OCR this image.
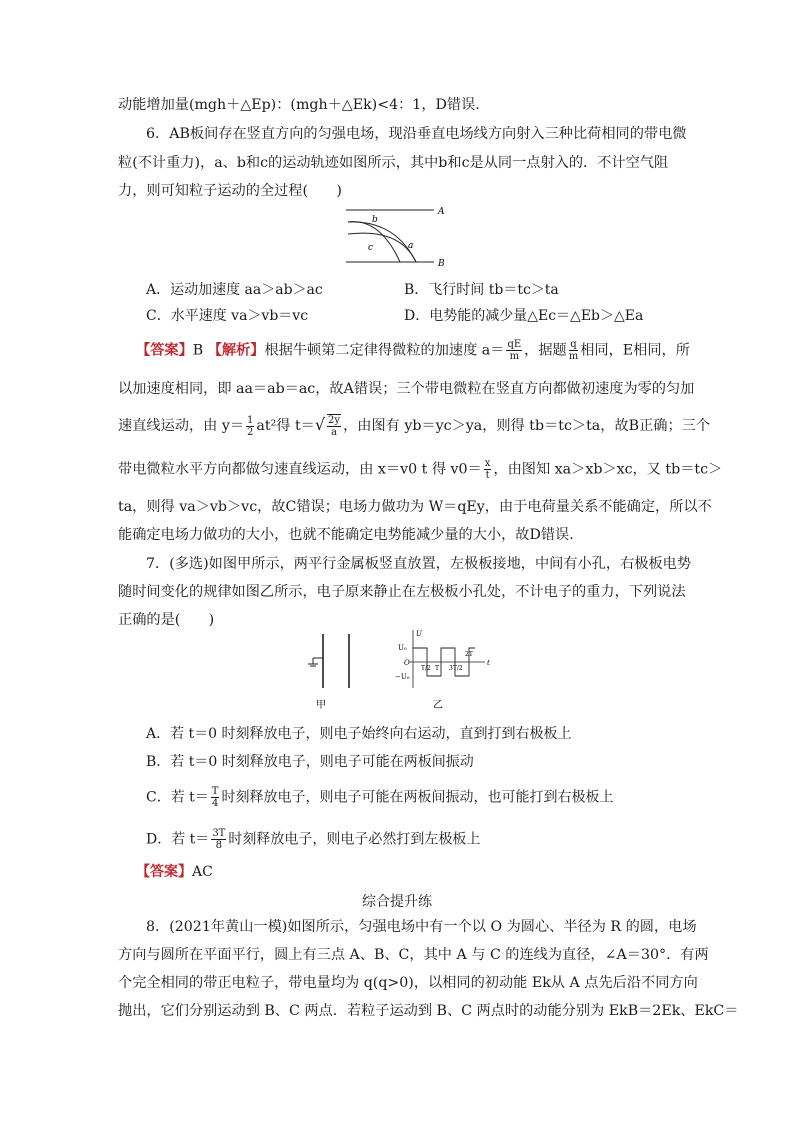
动能增加量(mgh＋△Ep)：(mgh＋△Ek)<4：1，D错误.
6．AB板间存在竖直方向的匀强电场，现沿垂直电场线方向射入三种比荷相同的带电微
粒(不计重力)，a、b和c的运动轨迹如图所示，其中b和c是从同一点射入的．不计空气阻
力，则可知粒子运动的全过程(　　)
A
B
b
c	a
A．运动加速度 aa＞ab＞ac	B．飞行时间 tb＝tc＞ta
C．水平速度 va＞vb＝vc	D．电势能的减少量△Ec＝△Eb＞△Ea
【答案】B 【解析】根据牛顿第二定律得微粒的加速度 $a= \frac{qE}{m}$ ，据题 $\frac{q}{m}$ 相同，E相同，所
以加速度相同，即 aa＝ab＝ac，故A错误；三个带电微粒在竖直方向都做初速度为零的匀加
速直线运动，由 $y= \frac{1}{2} at^2$得 $t=√ \frac{2y}{a}$ ，由图有 yb＝yc＞ya，则得 tb＝tc＞ta，故B正确；三个
带电微粒水平方向都做匀速直线运动，由 x＝v0 t 得 $v0= \frac{x}{t}$ ，由图知 xa＞xb＞xc，又 tb＝tc＞
ta，则得 va＞vb＞vc，故C错误；电场力做功为 W＝qEy，由于电荷量关系不能确定，所以不
能确定电场力做功的大小，也就不能确定电势能减少量的大小，故D错误.
7．(多选)如图甲所示，两平行金属板竖直放置，左极板接地，中间有小孔，右极板电势
随时间变化的规律如图乙所示，电子原来静止在左极板小孔处，不计电子的重力，下列说法
正确的是(　　)
甲
U
U₀
O
−U₀
t
T/2 T 3T/2
2T
乙
A．若 t＝0 时刻释放电子，则电子始终向右运动，直到打到右极板上
B．若 t＝0 时刻释放电子，则电子可能在两板间振动
C．若 $t= \frac{T}{4}$ 时刻释放电子，则电子可能在两板间振动，也可能打到右极板上
D．若 $t= \frac{3T}{8}$ 时刻释放电子，则电子必然打到左极板上
【答案】AC
综合提升练
8．(2021年黄山一模)如图所示，匀强电场中有一个以 O 为圆心、半径为 R 的圆，电场
方向与圆所在平面平行，圆上有三点 A、B、C，其中 A 与 C 的连线为直径，∠A＝30°．有两
个完全相同的带正电粒子，带电量均为 q(q>0)，以相同的初动能 Ek从 A 点先后沿不同方向
抛出，它们分别运动到 B、C 两点．若粒子运动到 B、C 两点时的动能分别为 EkB＝2Ek、EkC＝
